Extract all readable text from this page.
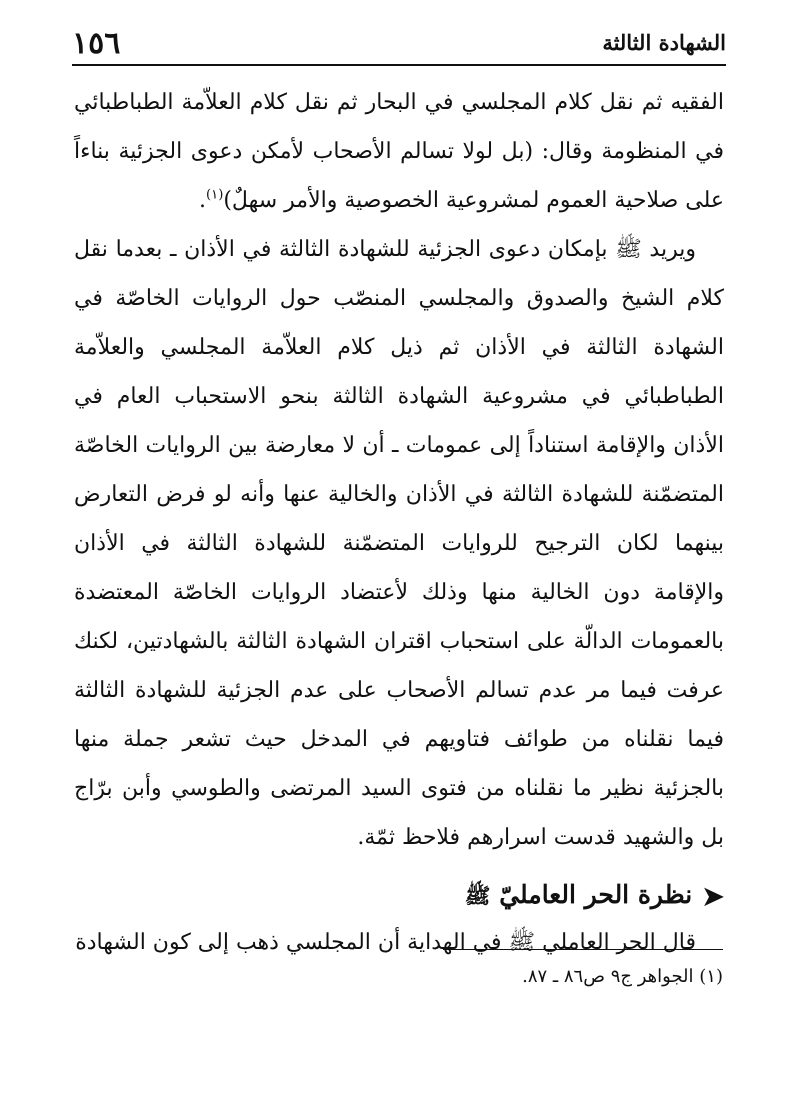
الشهادة الثالثة
١٥٦

الفقيه ثم نقل كلام المجلسي في البحار ثم نقل كلام العلاّمة الطباطبائي في المنظومة وقال: (بل لولا تسالم الأصحاب لأمكن دعوى الجزئية بناءاً على صلاحية العموم لمشروعية الخصوصية والأمر سهلٌ)$^{(١)}$.

ويريد ﷺ بإمكان دعوى الجزئية للشهادة الثالثة في الأذان ـ بعدما نقل كلام الشيخ والصدوق والمجلسي المنصّب حول الروايات الخاصّة في الشهادة الثالثة في الأذان ثم ذيل كلام العلاّمة المجلسي والعلاّمة الطباطبائي في مشروعية الشهادة الثالثة بنحو الاستحباب العام في الأذان والإقامة استناداً إلى عمومات ـ أن لا معارضة بين الروايات الخاصّة المتضمّنة للشهادة الثالثة في الأذان والخالية عنها وأنه لو فرض التعارض بينهما لكان الترجيح للروايات المتضمّنة للشهادة الثالثة في الأذان والإقامة دون الخالية منها وذلك لأعتضاد الروايات الخاصّة المعتضدة بالعمومات الدالّة على استحباب اقتران الشهادة الثالثة بالشهادتين، لكنك عرفت فيما مر عدم تسالم الأصحاب على عدم الجزئية للشهادة الثالثة فيما نقلناه من طوائف فتاويهم في المدخل حيث تشعر جملة منها بالجزئية نظير ما نقلناه من فتوى السيد المرتضى والطوسي وأبن برّاج بل والشهيد قدست اسرارهم فلاحظ ثمّة.

➤نظرة الحر العامليّ ﷺ

قال الحر العاملي ﷺ في الهداية أن المجلسي ذهب إلى كون الشهادة

(١) الجواهر ج٩ ص٨٦ ـ ٨٧.
